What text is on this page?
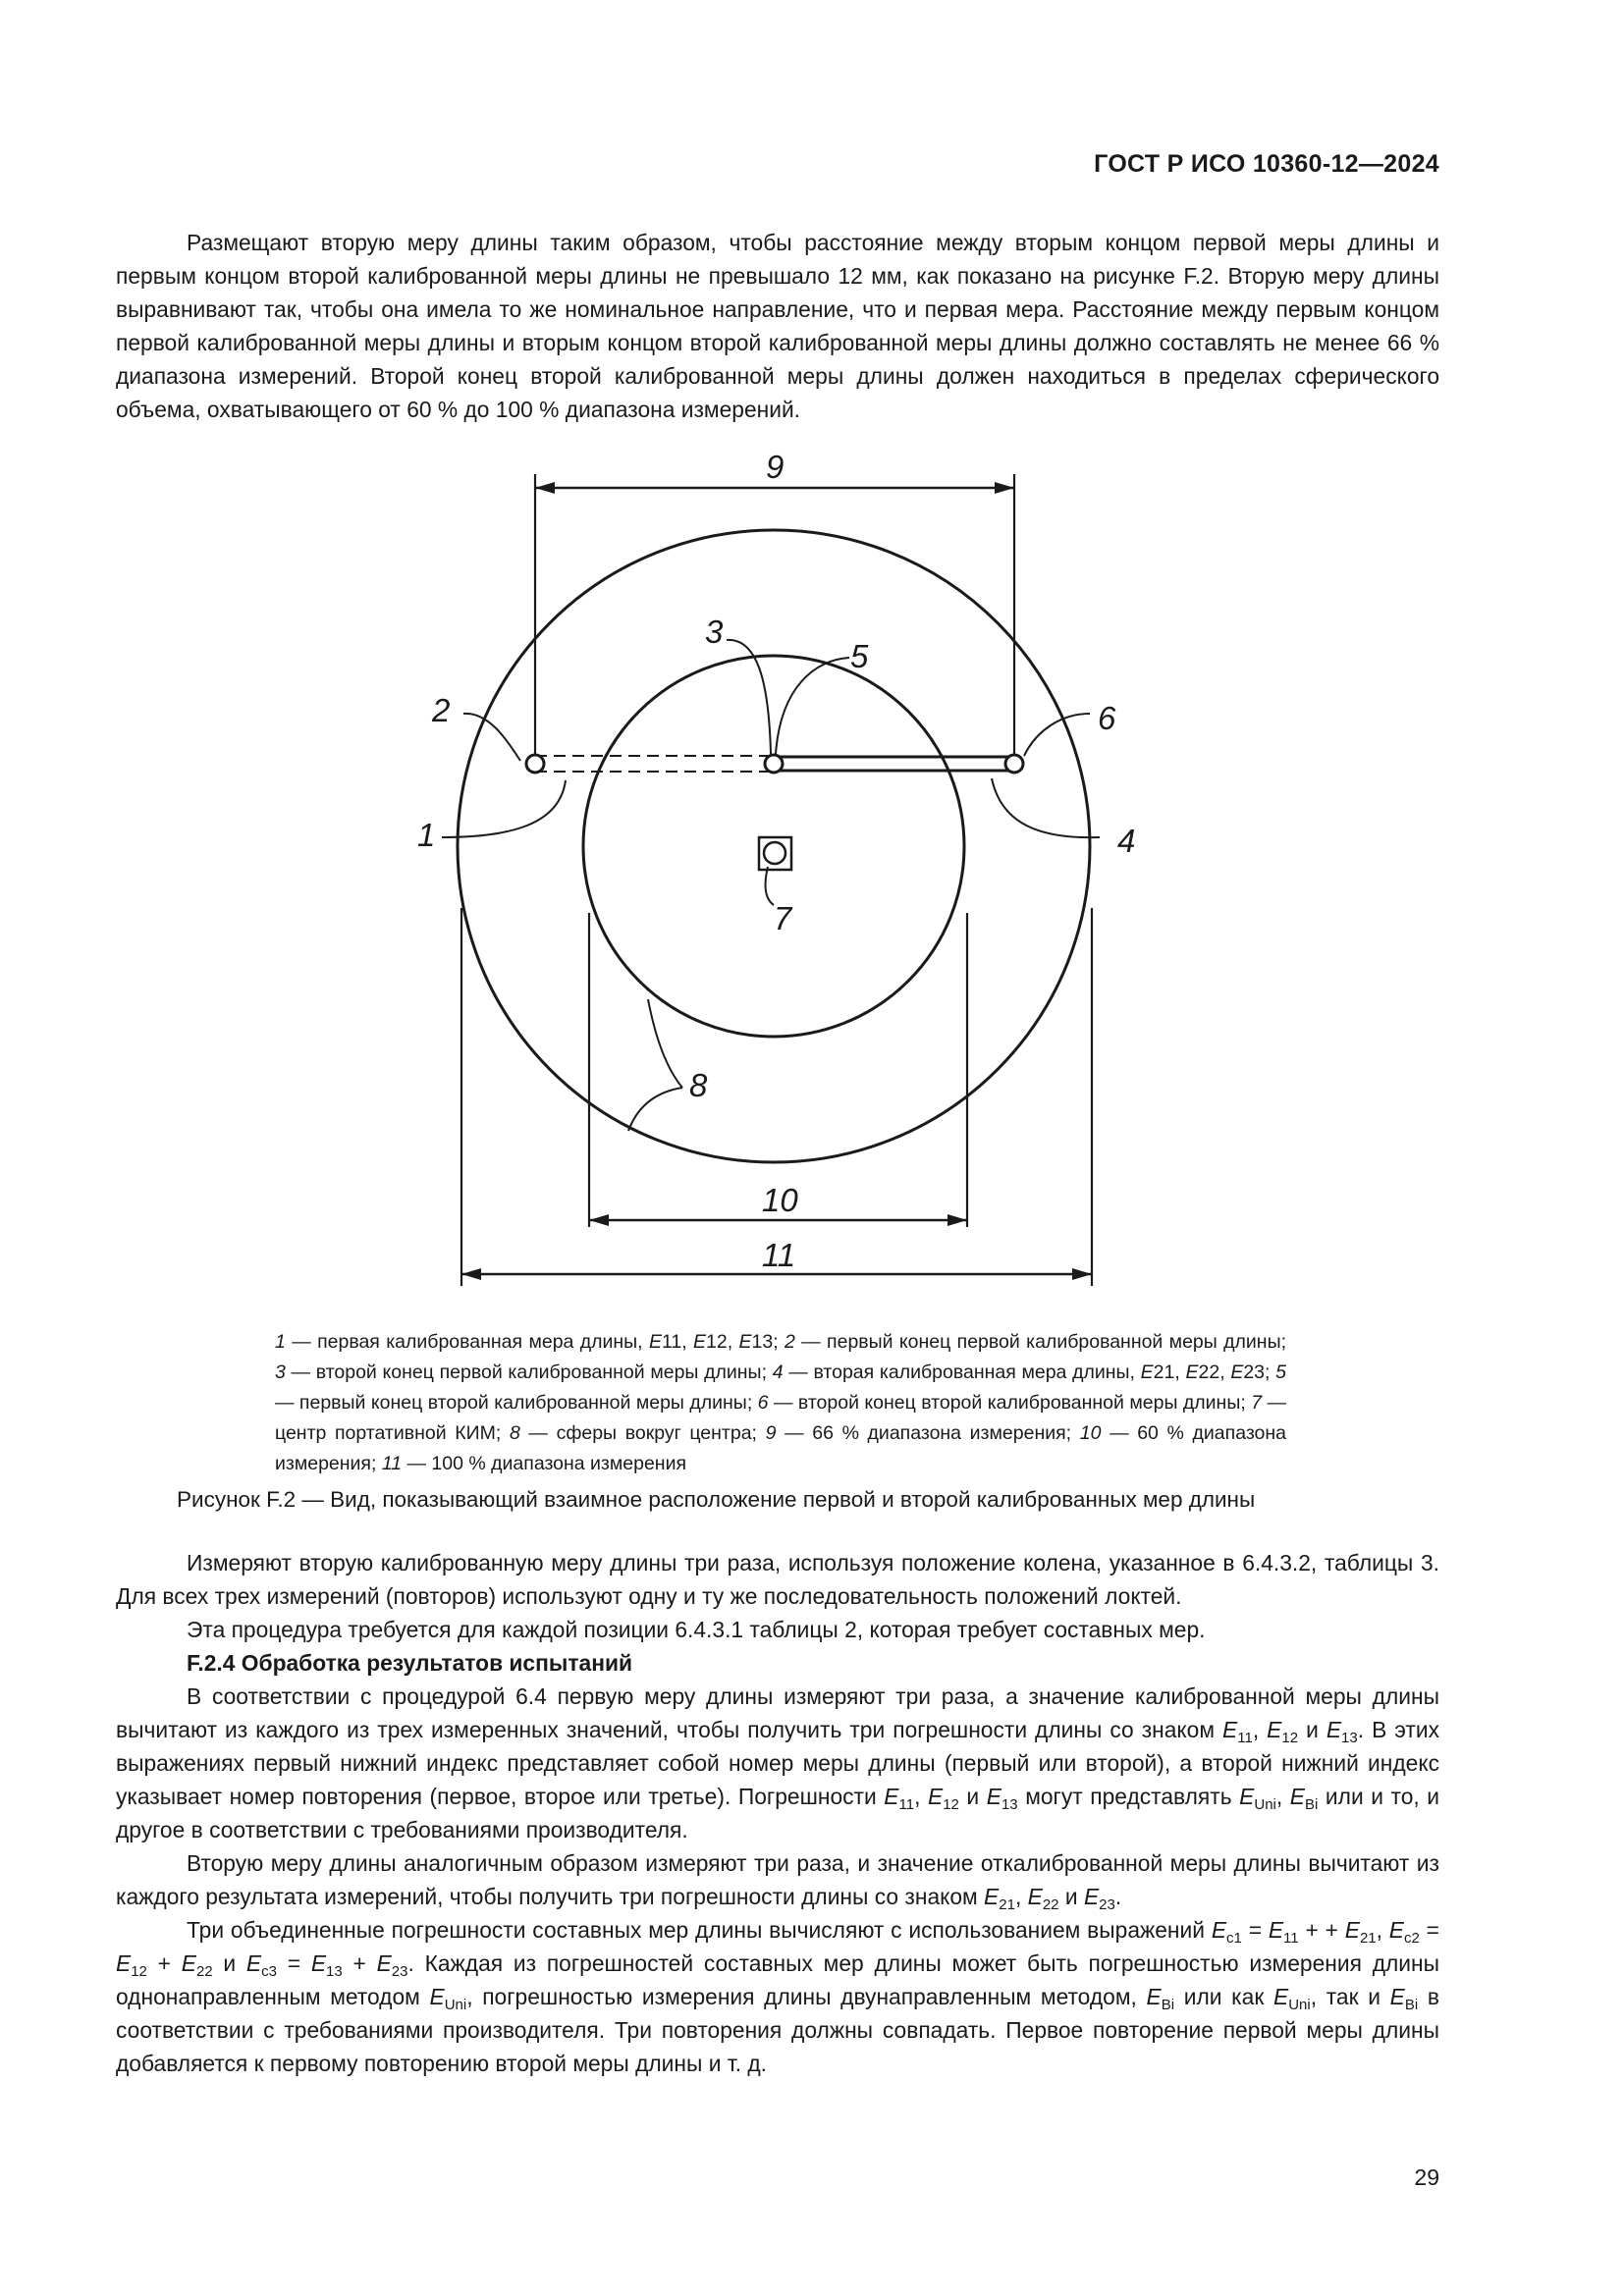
ГОСТ Р ИСО 10360-12—2024

Размещают вторую меру длины таким образом, чтобы расстояние между вторым концом первой меры длины и первым концом второй калиброванной меры длины не превышало 12 мм, как показано на рисунке F.2. Вторую меру длины выравнивают так, чтобы она имела то же номинальное направление, что и первая мера. Расстояние между первым концом первой калиброванной меры длины и вторым концом второй калиброванной меры длины должно составлять не менее 66 % диапазона измерений. Второй конец второй калиброванной меры длины должен находиться в пределах сферического объема, охватывающего от 60 % до 100 % диапазона измерений.

9
3
5
2	6
1	4
7
8
10
11
1 — первая калиброванная мера длины, E11, E12, E13; 2 — первый конец первой калиброванной меры длины; 3 — второй конец первой калиброванной меры длины; 4 — вторая калиброванная мера длины, E21, E22, E23; 5 — первый конец второй калиброванной меры длины; 6 — второй конец второй калиброванной меры длины; 7 — центр портативной КИМ; 8 — сферы вокруг центра; 9 — 66 % диапазона измерения; 10 — 60 % диапазона измерения; 11 — 100 % диапазона измерения
Рисунок F.2 — Вид, показывающий взаимное расположение первой и второй калиброванных мер длины

Измеряют вторую калиброванную меру длины три раза, используя положение колена, указанное в 6.4.3.2, таблицы 3. Для всех трех измерений (повторов) используют одну и ту же последовательность положений локтей.

Эта процедура требуется для каждой позиции 6.4.3.1 таблицы 2, которая требует составных мер.

F.2.4 Обработка результатов испытаний

В соответствии с процедурой 6.4 первую меру длины измеряют три раза, а значение калиброванной меры длины вычитают из каждого из трех измеренных значений, чтобы получить три погрешности длины со знаком $E_{11}$, $E_{12}$ и $E_{13}$. В этих выражениях первый нижний индекс представляет собой номер меры длины (первый или второй), а второй нижний индекс указывает номер повторения (первое, второе или третье). Погрешности $E_{11}$, $E_{12}$ и $E_{13}$ могут представлять $E_{Uni}$, $E_{Bi}$ или и то, и другое в соответствии с требованиями производителя.

Вторую меру длины аналогичным образом измеряют три раза, и значение откалиброванной меры длины вычитают из каждого результата измерений, чтобы получить три погрешности длины со знаком $E_{21}$, $E_{22}$ и $E_{23}$.

Три объединенные погрешности составных мер длины вычисляют с использованием выражений $E_{c1} = E_{11}$ + + $E_{21}$, $E_{c2} = E_{12} + E_{22}$ и $E_{c3} = E_{13} + E_{23}$. Каждая из погрешностей составных мер длины может быть погрешностью измерения длины однонаправленным методом $E_{Uni}$, погрешностью измерения длины двунаправленным методом, $E_{Bi}$ или как $E_{Uni}$, так и $E_{Bi}$ в соответствии с требованиями производителя. Три повторения должны совпадать. Первое повторение первой меры длины добавляется к первому повторению второй меры длины и т. д.

29
